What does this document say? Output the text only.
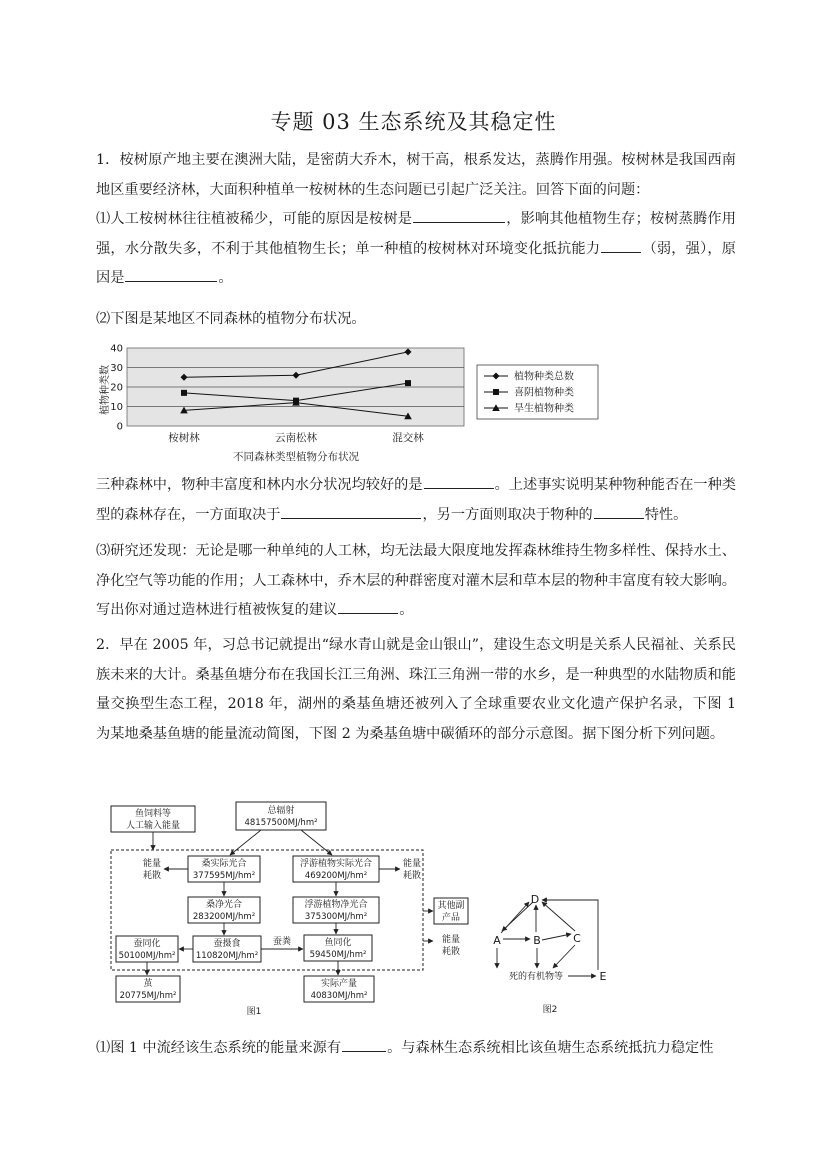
专题 03 生态系统及其稳定性
1．桉树原产地主要在澳洲大陆，是密荫大乔木，树干高，根系发达，蒸腾作用强。桉树林是我国西南地区重要经济林，大面积种植单一桉树林的生态问题已引起广泛关注。回答下面的问题：
⑴人工桉树林往往植被稀少，可能的原因是桉树是	，影响其他植物生存；桉树蒸腾作用强，水分散失多，不利于其他植物生长；单一种植的桉树林对环境变化抵抗能力	（弱，强），原因是	。
⑵下图是某地区不同森林的植物分布状况。
植物种类数
0
10
20
30
40
桉树林	云南松林	混交林
不同森林类型植物分布状况
植物种类总数
喜阴植物种类
旱生植物种类
三种森林中，物种丰富度和林内水分状况均较好的是	。上述事实说明某种物种能否在一种类型的森林存在，一方面取决于	，另一方面则取决于物种的	特性。
⑶研究还发现：无论是哪一种单纯的人工林，均无法最大限度地发挥森林维持生物多样性、保持水土、净化空气等功能的作用；人工森林中，乔木层的种群密度对灌木层和草本层的物种丰富度有较大影响。写出你对通过造林进行植被恢复的建议	。
2．早在 2005 年，习总书记就提出“绿水青山就是金山银山”，建设生态文明是关系人民福祉、关系民族未来的大计。桑基鱼塘分布在我国长江三角洲、珠江三角洲一带的水乡，是一种典型的水陆物质和能量交换型生态工程，2018 年，湖州的桑基鱼塘还被列入了全球重要农业文化遗产保护名录，下图 1 为某地桑基鱼塘的能量流动简图，下图 2 为桑基鱼塘中碳循环的部分示意图。据下图分析下列问题。
鱼饲料等
人工输入能量
总辐射
48157500MJ/hm²
桑实际光合
377595MJ/hm²
浮游植物实际光合
469200MJ/hm²
能量
耗散
能量
耗散
桑净光合
283200MJ/hm²
浮游植物净光合
375300MJ/hm²
其他副
产品
蚕同化
50100MJ/hm²
蚕摄食
110820MJ/hm²
蚕粪	鱼同化
59450MJ/hm²
能量
耗散
茧
20775MJ/hm²
实际产量
40830MJ/hm²
图1
D
A	B	C
E
死的有机物等
图2
⑴图 1 中流经该生态系统的能量来源有	。与森林生态系统相比该鱼塘生态系统抵抗力稳定性
